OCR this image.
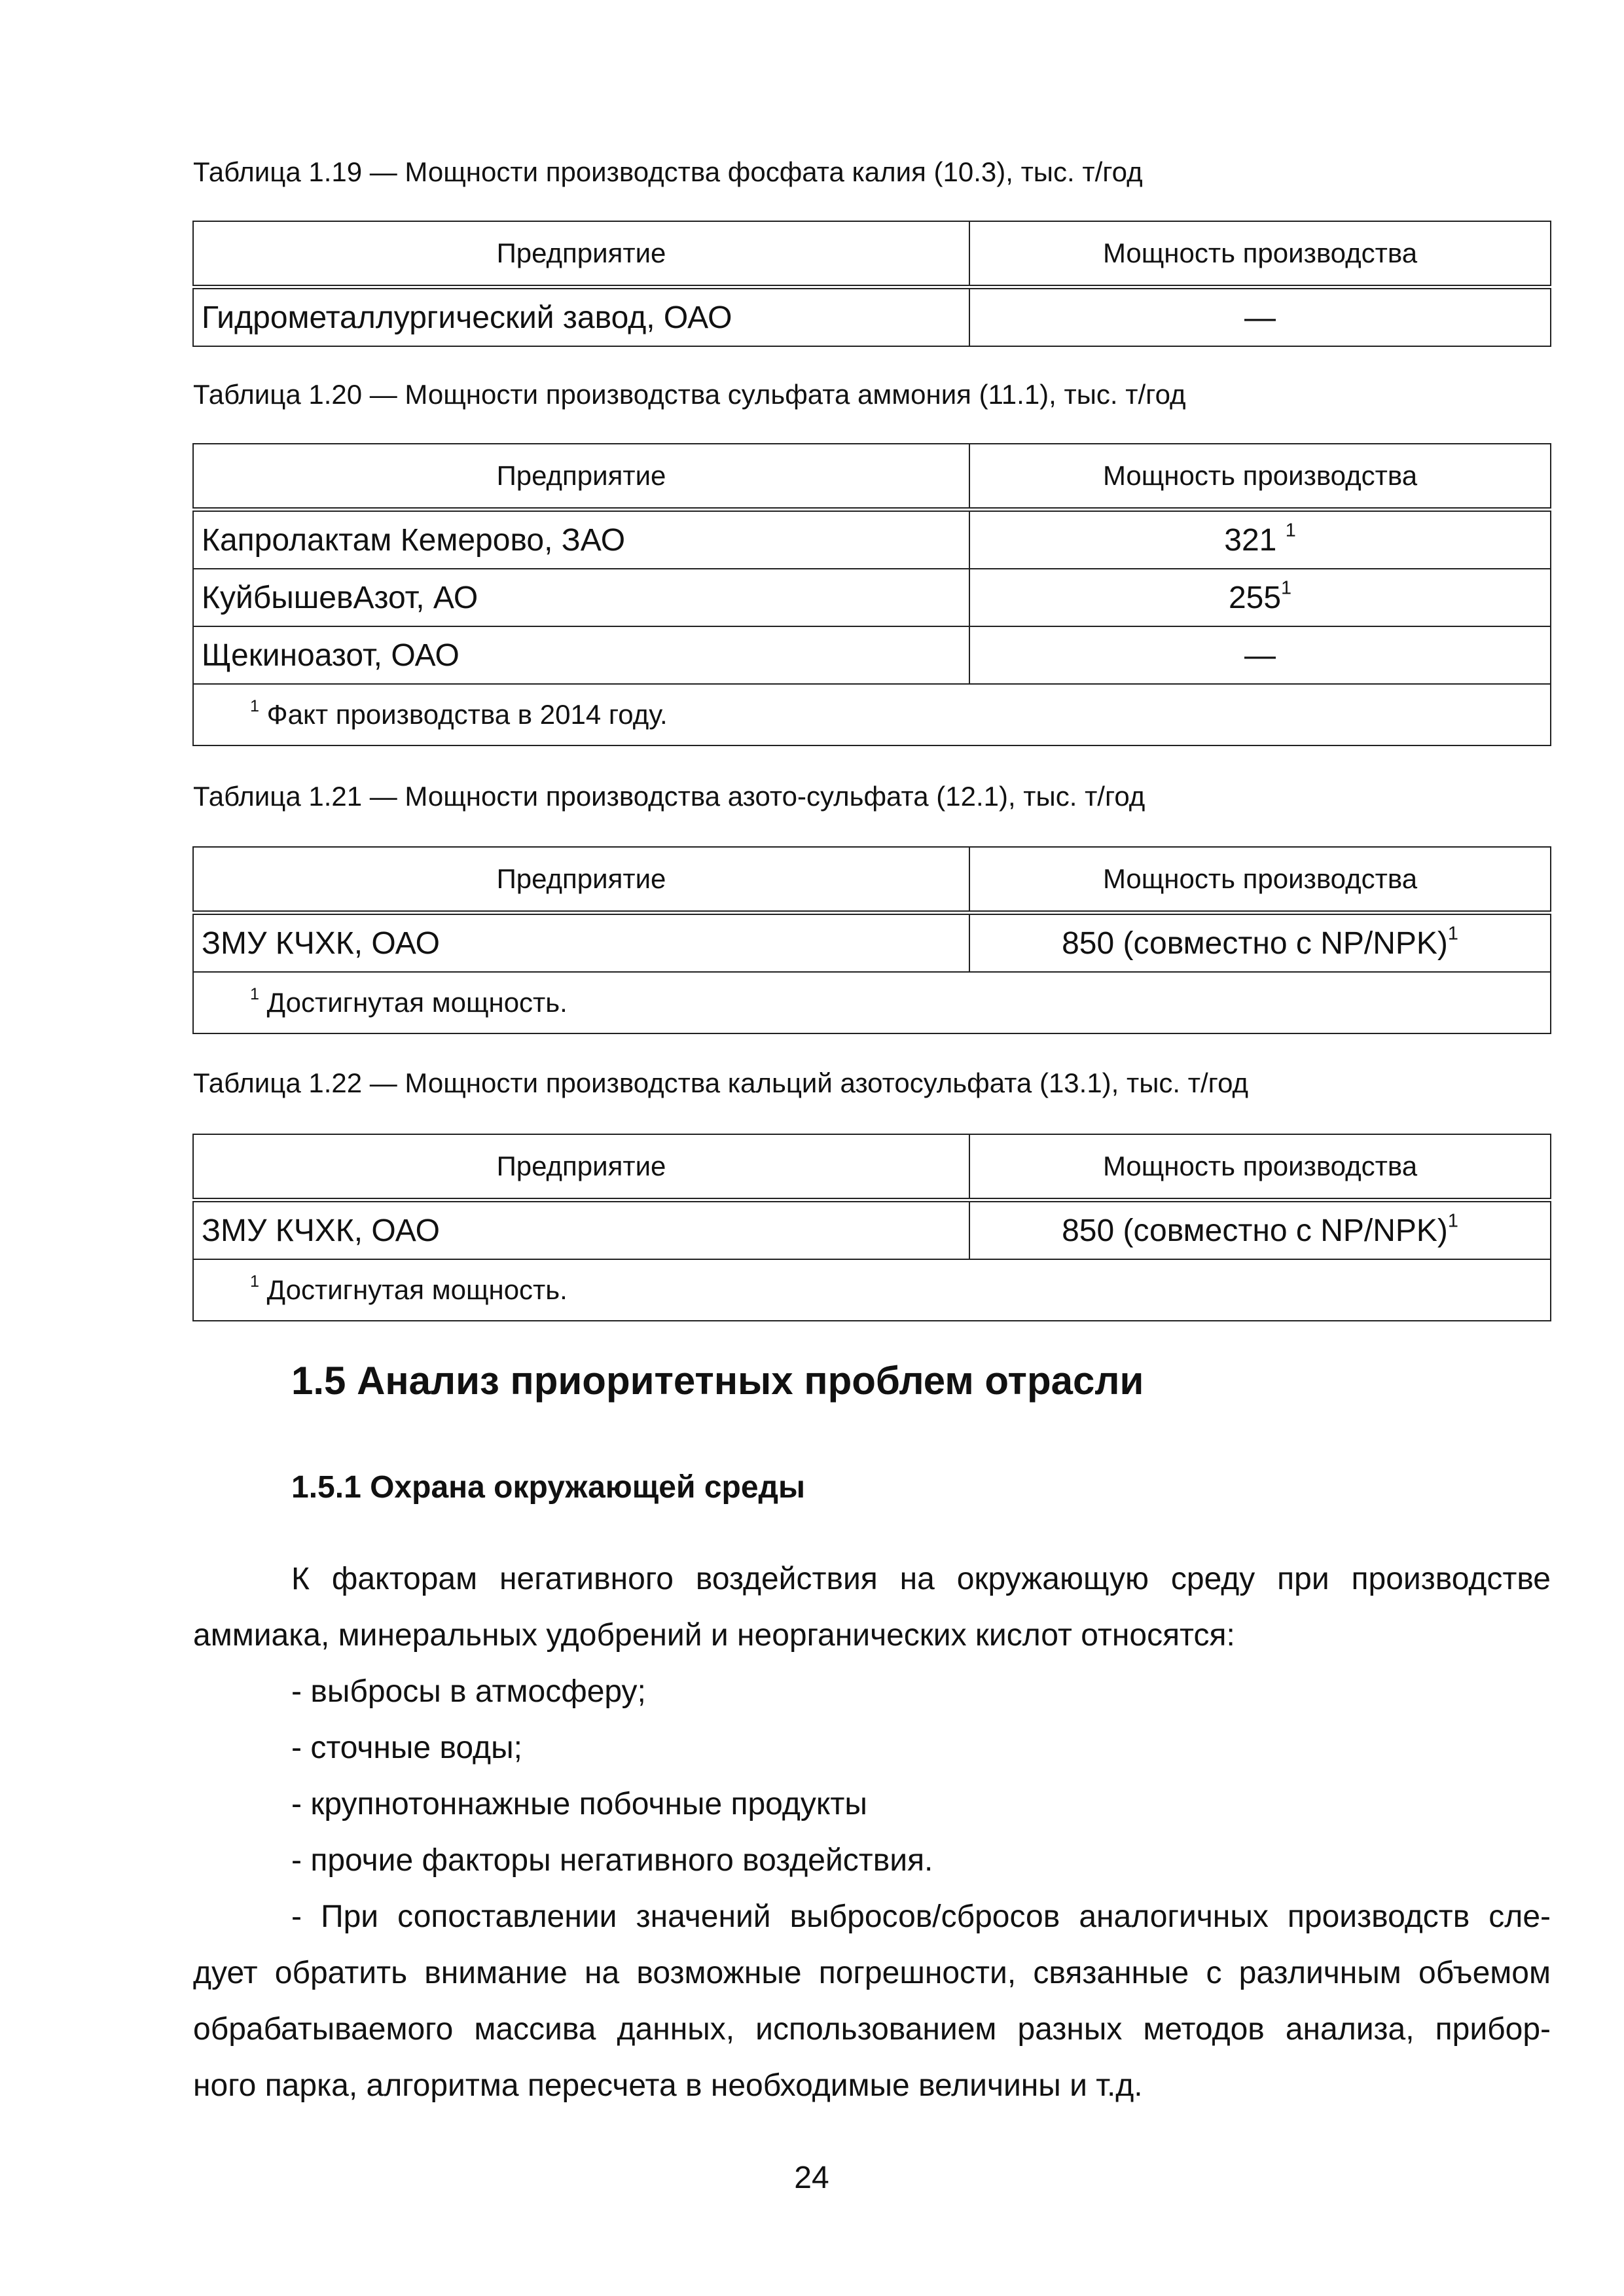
Таблица 1.19 — Мощности производства фосфата калия (10.3), тыс. т/год
Предприятие	Мощность производства
Гидрометаллургический завод, ОАО	—
Таблица 1.20 — Мощности производства сульфата аммония (11.1), тыс. т/год
Предприятие	Мощность производства
Капролактам Кемерово, ЗАО	321 $^1$
КуйбышевАзот, АО	$255^1$
Щекиноазот, ОАО	—
$^1$ Факт производства в 2014 году.	
Таблица 1.21 — Мощности производства азото-сульфата (12.1), тыс. т/год
Предприятие	Мощность производства
ЗМУ КЧХК, ОАО	850 (совместно с NP/NPK)$^1$
$^1$ Достигнутая мощность.	
Таблица 1.22 — Мощности производства кальций азотосульфата (13.1), тыс. т/год
Предприятие	Мощность производства
ЗМУ КЧХК, ОАО	850 (совместно с NP/NPK)$^1$
$^1$ Достигнутая мощность.	
1.5 Анализ приоритетных проблем отрасли
1.5.1 Охрана окружающей среды
К факторам негативного воздействия на окружающую среду при производстве
аммиака, минеральных удобрений и неорганических кислот относятся:
- выбросы в атмосферу;
- сточные воды;
- крупнотоннажные побочные продукты
- прочие факторы негативного воздействия.
- При сопоставлении значений выбросов/сбросов аналогичных производств сле-
дует обратить внимание на возможные погрешности, связанные с различным объемом
обрабатываемого массива данных, использованием разных методов анализа, прибор-
ного парка, алгоритма пересчета в необходимые величины и т.д.
24
